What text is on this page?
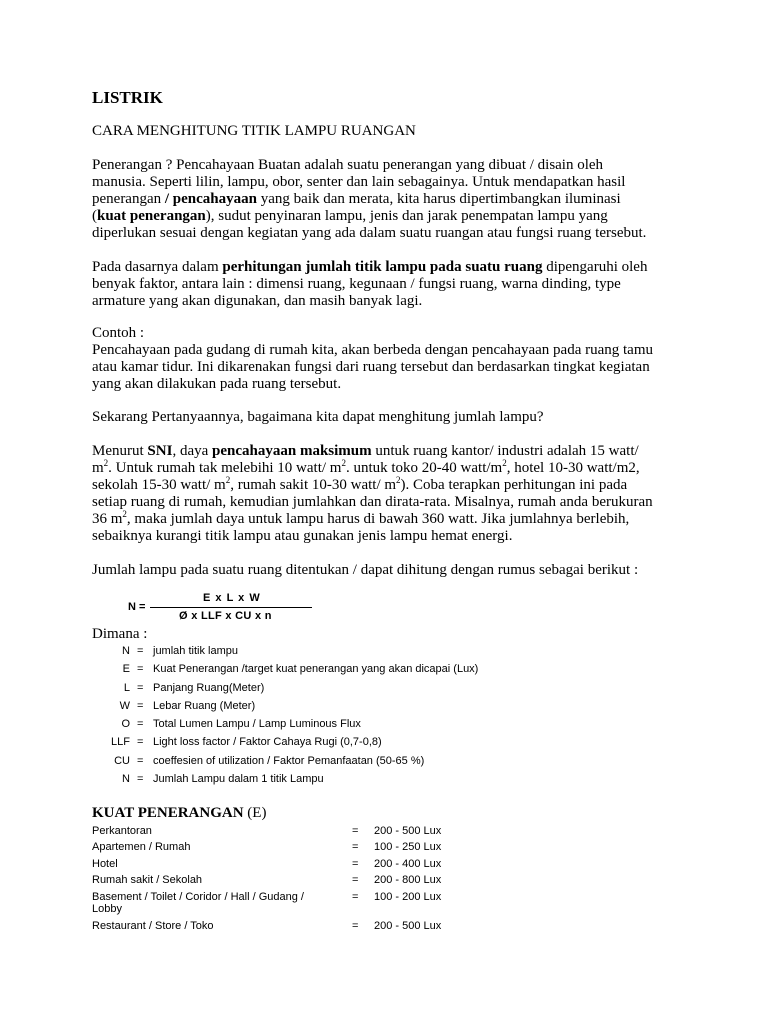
LISTRIK
CARA MENGHITUNG TITIK LAMPU RUANGAN

Penerangan ? Pencahayaan Buatan adalah suatu penerangan yang dibuat / disain oleh

manusia. Seperti lilin, lampu, obor, senter dan lain sebagainya. Untuk mendapatkan hasil

penerangan / pencahayaan yang baik dan merata, kita harus dipertimbangkan iluminasi

(kuat penerangan), sudut penyinaran lampu, jenis dan jarak penempatan lampu yang

diperlukan sesuai dengan kegiatan yang ada dalam suatu ruangan atau fungsi ruang tersebut.

Pada dasarnya dalam perhitungan jumlah titik lampu pada suatu ruang dipengaruhi oleh

benyak faktor, antara lain : dimensi ruang, kegunaan / fungsi ruang, warna dinding, type

armature yang akan digunakan, dan masih banyak lagi.

Contoh :

Pencahayaan pada gudang di rumah kita, akan berbeda dengan pencahayaan pada ruang tamu

atau kamar tidur. Ini dikarenakan fungsi dari ruang tersebut dan berdasarkan tingkat kegiatan

yang akan dilakukan pada ruang tersebut.

Sekarang Pertanyaannya, bagaimana kita dapat menghitung jumlah lampu?

Menurut SNI, daya pencahayaan maksimum untuk ruang kantor/ industri adalah 15 watt/

$m^2$. Untuk rumah tak melebihi 10 watt/ $m^2$. untuk toko 20-40 watt/$m^2$, hotel 10-30 watt/m2,

sekolah 15-30 watt/ $m^2$, rumah sakit 10-30 watt/ $m^2$). Coba terapkan perhitungan ini pada

setiap ruang di rumah, kemudian jumlahkan dan dirata-rata. Misalnya, rumah anda berukuran

36 $m^2$, maka jumlah daya untuk lampu harus di bawah 360 watt. Jika jumlahnya berlebih,

sebaiknya kurangi titik lampu atau gunakan jenis lampu hemat energi.

Jumlah lampu pada suatu ruang ditentukan / dapat dihitung dengan rumus sebagai berikut :

E x L x W
N =
Ø x LLF x CU x n
Dimana :
N = jumlah titik lampu
E = Kuat Penerangan /target kuat penerangan yang akan dicapai (Lux)
L = Panjang Ruang(Meter)
W = Lebar Ruang (Meter)
O = Total Lumen Lampu / Lamp Luminous Flux
LLF = Light loss factor / Faktor Cahaya Rugi (0,7-0,8)
CU = coeffesien of utilization / Faktor Pemanfaatan (50-65 %)
N = Jumlah Lampu dalam 1 titik Lampu
KUAT PENERANGAN (E)
Perkantoran	= 200 - 500 Lux
Apartemen / Rumah	= 100 - 250 Lux
Hotel	= 200 - 400 Lux
Rumah sakit / Sekolah	= 200 - 800 Lux
Basement / Toilet / Coridor / Hall / Gudang / Lobby
= 100 - 200 Lux
Restaurant / Store / Toko	= 200 - 500 Lux
